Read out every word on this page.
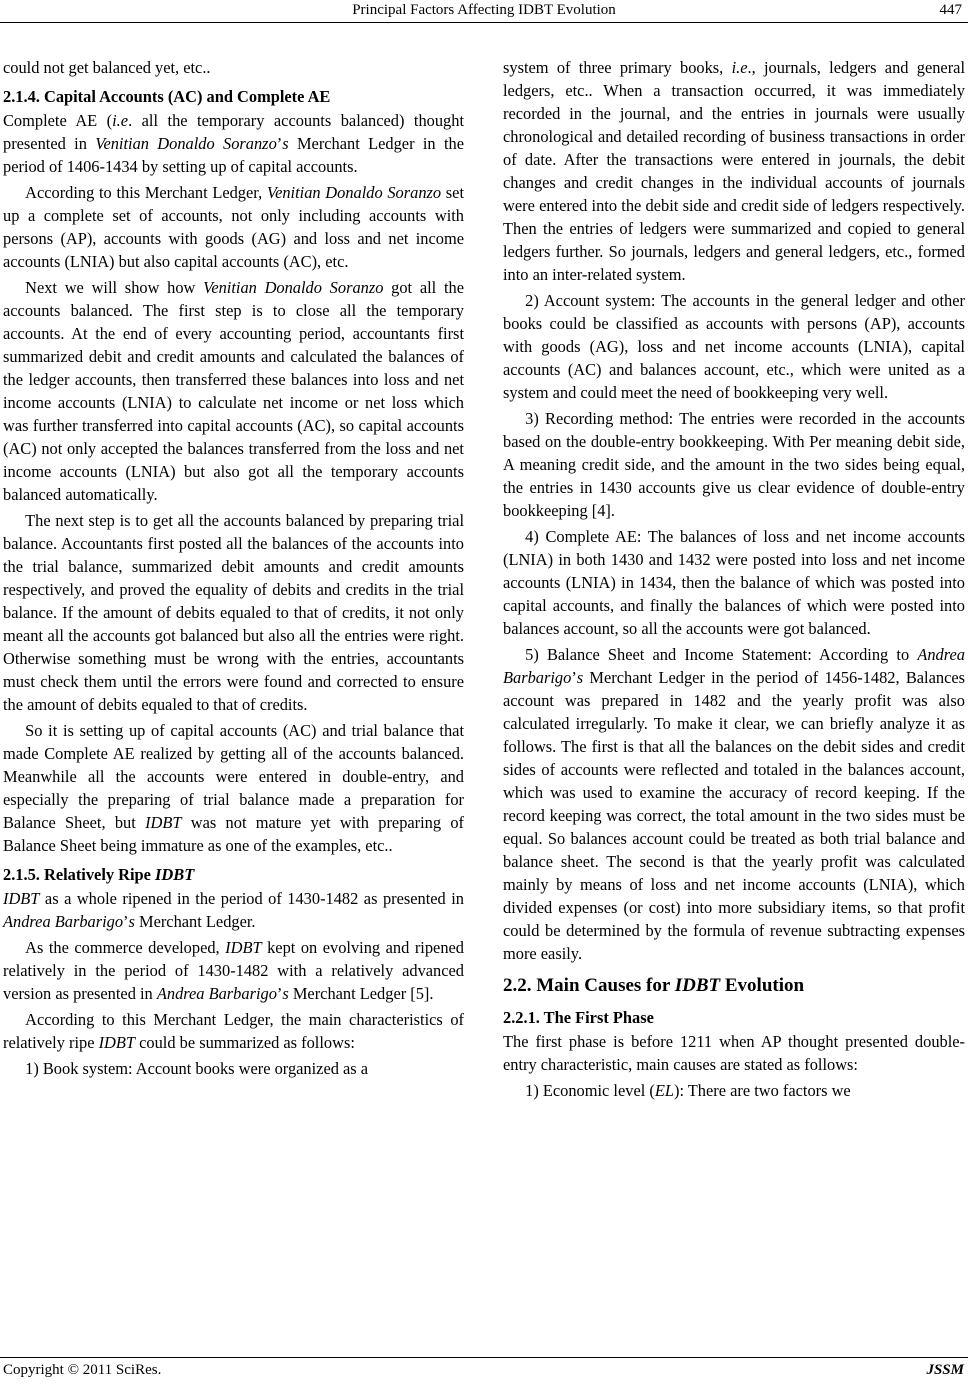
Principal Factors Affecting IDBT Evolution	447

could not get balanced yet, etc..

2.1.4. Capital Accounts (AC) and Complete AE

Complete AE (i.e. all the temporary accounts balanced) thought presented in Venitian Donaldo Soranzo’s Merchant Ledger in the period of 1406-1434 by setting up of capital accounts.

According to this Merchant Ledger, Venitian Donaldo Soranzo set up a complete set of accounts, not only including accounts with persons (AP), accounts with goods (AG) and loss and net income accounts (LNIA) but also capital accounts (AC), etc.

Next we will show how Venitian Donaldo Soranzo got all the accounts balanced. The first step is to close all the temporary accounts. At the end of every accounting period, accountants first summarized debit and credit amounts and calculated the balances of the ledger accounts, then transferred these balances into loss and net income accounts (LNIA) to calculate net income or net loss which was further transferred into capital accounts (AC), so capital accounts (AC) not only accepted the balances transferred from the loss and net income accounts (LNIA) but also got all the temporary accounts balanced automatically.

The next step is to get all the accounts balanced by preparing trial balance. Accountants first posted all the balances of the accounts into the trial balance, summarized debit amounts and credit amounts respectively, and proved the equality of debits and credits in the trial balance. If the amount of debits equaled to that of credits, it not only meant all the accounts got balanced but also all the entries were right. Otherwise something must be wrong with the entries, accountants must check them until the errors were found and corrected to ensure the amount of debits equaled to that of credits.

So it is setting up of capital accounts (AC) and trial balance that made Complete AE realized by getting all of the accounts balanced. Meanwhile all the accounts were entered in double-entry, and especially the preparing of trial balance made a preparation for Balance Sheet, but IDBT was not mature yet with preparing of Balance Sheet being immature as one of the examples, etc..

2.1.5. Relatively Ripe IDBT

IDBT as a whole ripened in the period of 1430-1482 as presented in Andrea Barbarigo’s Merchant Ledger.

As the commerce developed, IDBT kept on evolving and ripened relatively in the period of 1430-1482 with a relatively advanced version as presented in Andrea Barbarigo’s Merchant Ledger [5].

According to this Merchant Ledger, the main characteristics of relatively ripe IDBT could be summarized as follows:

1) Book system: Account books were organized as a

system of three primary books, i.e., journals, ledgers and general ledgers, etc.. When a transaction occurred, it was immediately recorded in the journal, and the entries in journals were usually chronological and detailed recording of business transactions in order of date. After the transactions were entered in journals, the debit changes and credit changes in the individual accounts of journals were entered into the debit side and credit side of ledgers respectively. Then the entries of ledgers were summarized and copied to general ledgers further. So journals, ledgers and general ledgers, etc., formed into an inter-related system.

2) Account system: The accounts in the general ledger and other books could be classified as accounts with persons (AP), accounts with goods (AG), loss and net income accounts (LNIA), capital accounts (AC) and balances account, etc., which were united as a system and could meet the need of bookkeeping very well.

3) Recording method: The entries were recorded in the accounts based on the double-entry bookkeeping. With Per meaning debit side, A meaning credit side, and the amount in the two sides being equal, the entries in 1430 accounts give us clear evidence of double-entry bookkeeping [4].

4) Complete AE: The balances of loss and net income accounts (LNIA) in both 1430 and 1432 were posted into loss and net income accounts (LNIA) in 1434, then the balance of which was posted into capital accounts, and finally the balances of which were posted into balances account, so all the accounts were got balanced.

5) Balance Sheet and Income Statement: According to Andrea Barbarigo’s Merchant Ledger in the period of 1456-1482, Balances account was prepared in 1482 and the yearly profit was also calculated irregularly. To make it clear, we can briefly analyze it as follows. The first is that all the balances on the debit sides and credit sides of accounts were reflected and totaled in the balances account, which was used to examine the accuracy of record keeping. If the record keeping was correct, the total amount in the two sides must be equal. So balances account could be treated as both trial balance and balance sheet. The second is that the yearly profit was calculated mainly by means of loss and net income accounts (LNIA), which divided expenses (or cost) into more subsidiary items, so that profit could be determined by the formula of revenue subtracting expenses more easily.

2.2. Main Causes for IDBT Evolution
2.2.1. The First Phase

The first phase is before 1211 when AP thought presented double-entry characteristic, main causes are stated as follows:

1) Economic level (EL): There are two factors we

Copyright © 2011 SciRes.	JSSM
